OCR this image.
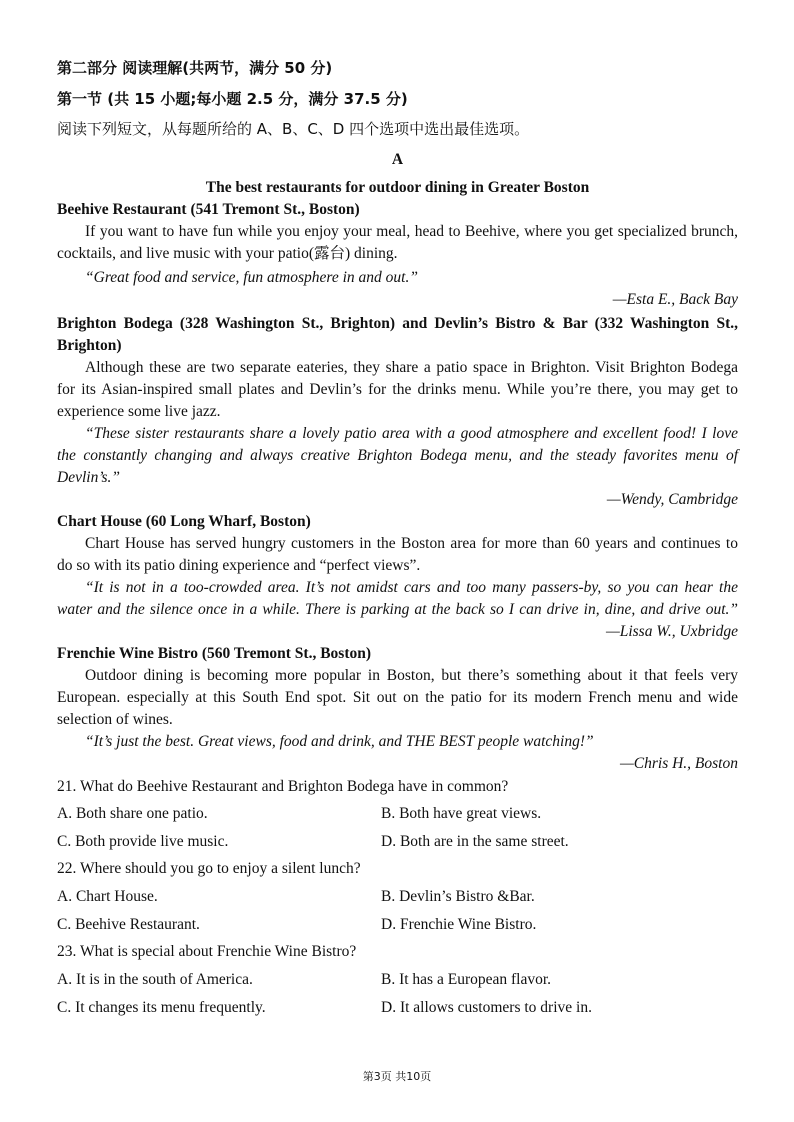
第二部分 阅读理解(共两节，满分 50 分)
第一节 (共 15 小题;每小题 2.5 分，满分 37.5 分)
阅读下列短文，从每题所给的 A、B、C、D 四个选项中选出最佳选项。
A
The best restaurants for outdoor dining in Greater Boston
Beehive Restaurant (541 Tremont St., Boston)
If you want to have fun while you enjoy your meal, head to Beehive, where you get specialized brunch,
cocktails, and live music with your patio(露台) dining.
“Great food and service, fun atmosphere in and out.”
—Esta E., Back Bay
Brighton Bodega (328 Washington St., Brighton) and Devlin’s Bistro & Bar (332 Washington St.,
Brighton)
Although these are two separate eateries, they share a patio space in Brighton. Visit Brighton Bodega
for its Asian-inspired small plates and Devlin’s for the drinks menu. While you’re there, you may get to
experience some live jazz.
“These sister restaurants share a lovely patio area with a good atmosphere and excellent food! I love
the constantly changing and always creative Brighton Bodega menu, and the steady favorites menu of
Devlin’s.”
—Wendy, Cambridge
Chart House (60 Long Wharf, Boston)
Chart House has served hungry customers in the Boston area for more than 60 years and continues to
do so with its patio dining experience and “perfect views”.
“It is not in a too-crowded area. It’s not amidst cars and too many passers-by, so you can hear the
water and the silence once in a while. There is parking at the back so I can drive in, dine, and drive out.”
—Lissa W., Uxbridge
Frenchie Wine Bistro (560 Tremont St., Boston)
Outdoor dining is becoming more popular in Boston, but there’s something about it that feels very
European. especially at this South End spot. Sit out on the patio for its modern French menu and wide
selection of wines.
“It’s just the best. Great views, food and drink, and THE BEST people watching!”
—Chris H., Boston
21. What do Beehive Restaurant and Brighton Bodega have in common?
A. Both share one patio.	B. Both have great views.
C. Both provide live music.	D. Both are in the same street.
22. Where should you go to enjoy a silent lunch?
A. Chart House.	B. Devlin’s Bistro &Bar.
C. Beehive Restaurant.	D. Frenchie Wine Bistro.
23. What is special about Frenchie Wine Bistro?
A. It is in the south of America.	B. It has a European flavor.
C. It changes its menu frequently.	D. It allows customers to drive in.
第3页 共10页
